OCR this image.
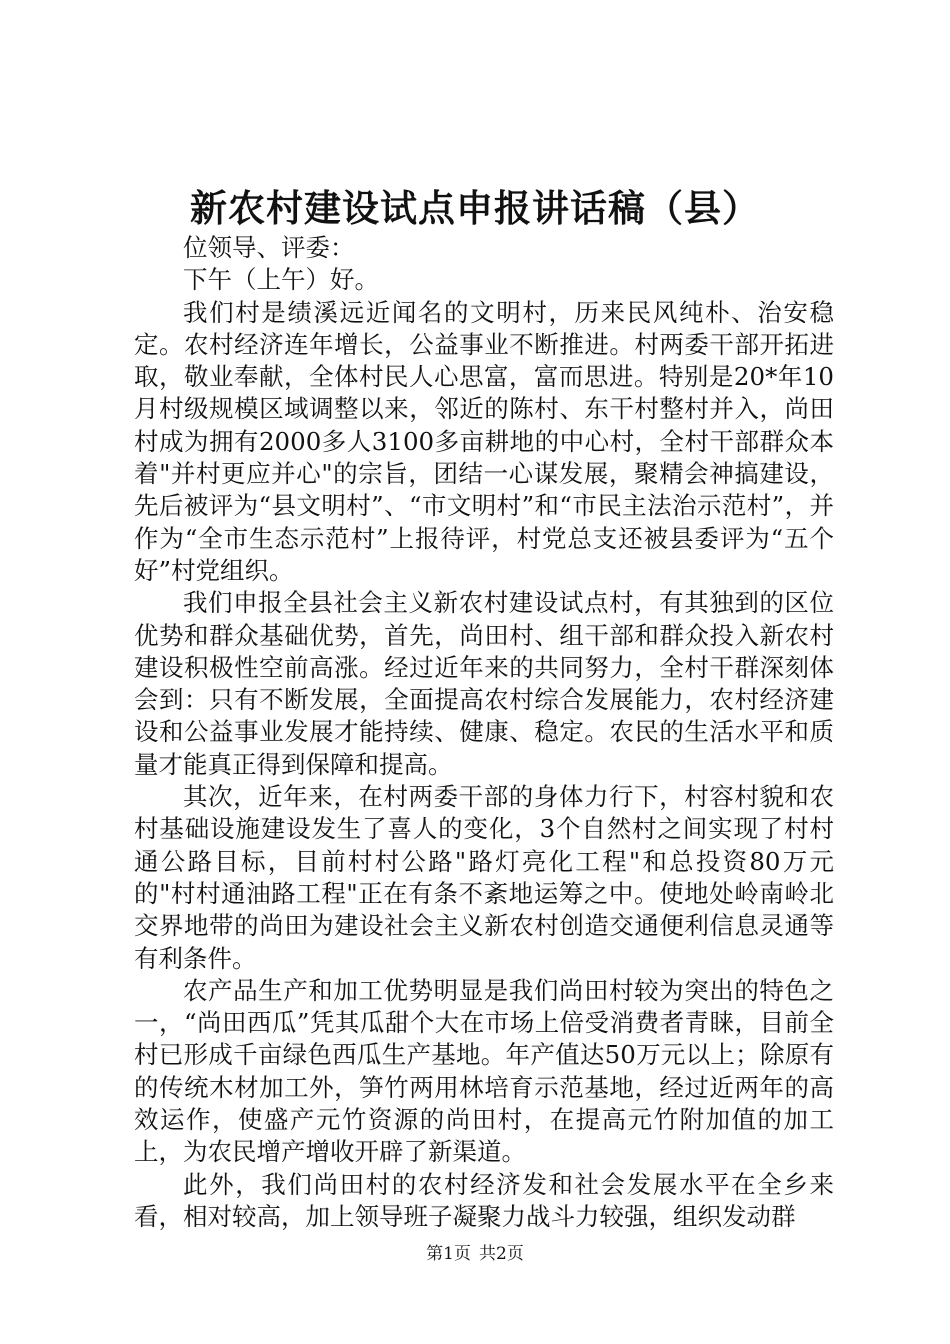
新农村建设试点申报讲话稿（县）

位领导、评委：

下午（上午）好。

我们村是绩溪远近闻名的文明村，历来民风纯朴、治安稳定。农村经济连年增长，公益事业不断推进。村两委干部开拓进取，敬业奉献，全体村民人心思富，富而思进。特别是20*年10月村级规模区域调整以来，邻近的陈村、东干村整村并入，尚田村成为拥有2000多人3100多亩耕地的中心村，全村干部群众本着"并村更应并心"的宗旨，团结一心谋发展，聚精会神搞建设，先后被评为“县文明村”、“市文明村”和“市民主法治示范村”，并作为“全市生态示范村”上报待评，村党总支还被县委评为“五个好”村党组织。

我们申报全县社会主义新农村建设试点村，有其独到的区位优势和群众基础优势，首先，尚田村、组干部和群众投入新农村建设积极性空前高涨。经过近年来的共同努力，全村干群深刻体会到：只有不断发展，全面提高农村综合发展能力，农村经济建设和公益事业发展才能持续、健康、稳定。农民的生活水平和质量才能真正得到保障和提高。

其次，近年来，在村两委干部的身体力行下，村容村貌和农村基础设施建设发生了喜人的变化，3个自然村之间实现了村村通公路目标，目前村村公路"路灯亮化工程"和总投资80万元的"村村通油路工程"正在有条不紊地运筹之中。使地处岭南岭北交界地带的尚田为建设社会主义新农村创造交通便利信息灵通等有利条件。

农产品生产和加工优势明显是我们尚田村较为突出的特色之一，“尚田西瓜”凭其瓜甜个大在市场上倍受消费者青睐，目前全村已形成千亩绿色西瓜生产基地。年产值达50万元以上；除原有的传统木材加工外，笋竹两用林培育示范基地，经过近两年的高效运作，使盛产元竹资源的尚田村，在提高元竹附加值的加工上，为农民增产增收开辟了新渠道。

此外，我们尚田村的农村经济发和社会发展水平在全乡来看，相对较高，加上领导班子凝聚力战斗力较强，组织发动群

第1页 共2页
